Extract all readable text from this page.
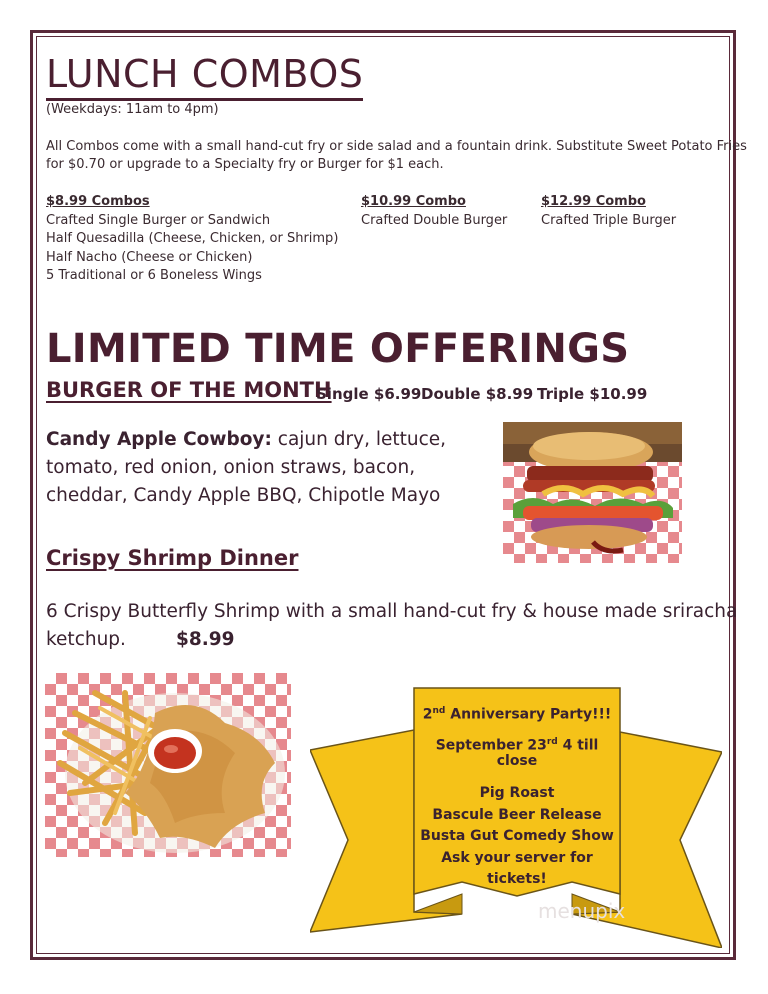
LUNCH COMBOS
(Weekdays: 11am to 4pm)
All Combos come with a small hand-cut fry or side salad and a fountain drink. Substitute Sweet Potato Fries
for $0.70 or upgrade to a Specialty fry or Burger for $1 each.
$8.99 Combos
Crafted Single Burger or Sandwich
Half Quesadilla (Cheese, Chicken, or Shrimp)
Half Nacho (Cheese or Chicken)
5 Traditional or 6 Boneless Wings
$10.99 Combo
Crafted Double Burger
$12.99 Combo
Crafted Triple Burger
LIMITED TIME OFFERINGS
BURGER OF THE MONTH
Single $6.99 Double $8.99 Triple $10.99
Candy Apple Cowboy: cajun dry, lettuce,
tomato, red onion, onion straws, bacon,
cheddar, Candy Apple BBQ, Chipotle Mayo
Crispy Shrimp Dinner
6 Crispy Butterfly Shrimp with a small hand-cut fry & house made sriracha
ketchup.	$8.99
2nd Anniversary Party!!!
September 23rd 4 till close
Pig Roast
Bascule Beer Release
Busta Gut Comedy Show
Ask your server for
tickets!
menupix
